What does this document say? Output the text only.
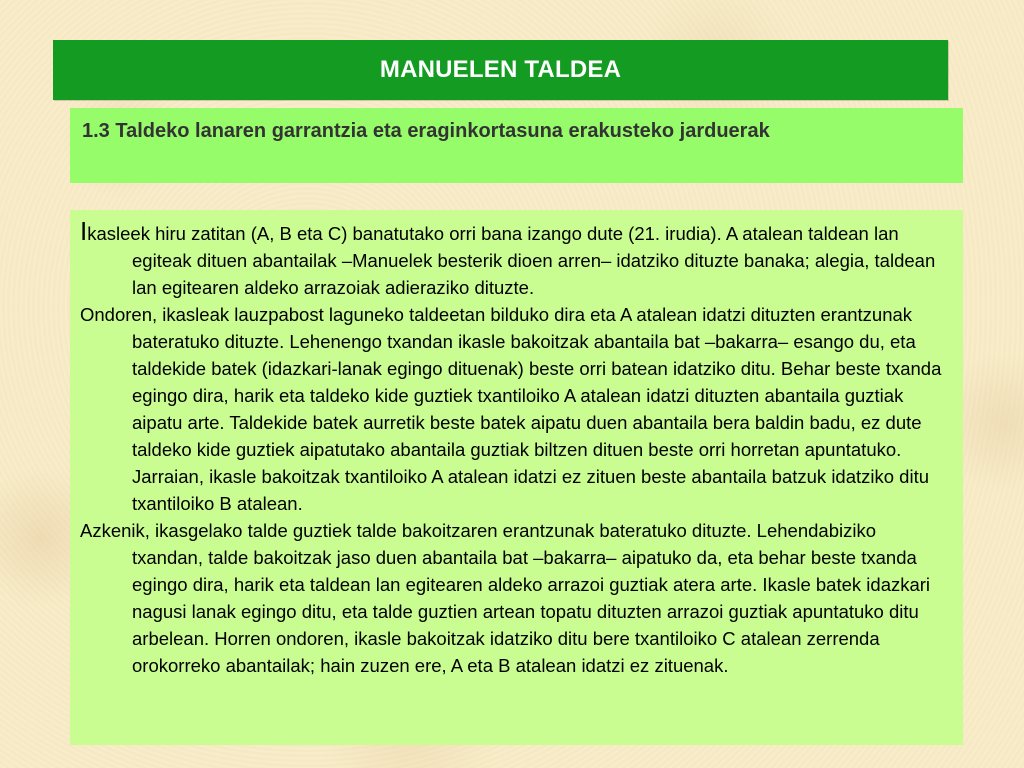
MANUELEN TALDEA

1.3 Taldeko lanaren garrantzia eta eraginkortasuna erakusteko jarduerak

Ikasleek hiru zatitan (A, B eta C) banatutako orri bana izango dute (21. irudia). A atalean taldean lan egiteak dituen abantailak –Manuelek besterik dioen arren– idatziko dituzte banaka; alegia, taldean lan egitearen aldeko arrazoiak adieraziko dituzte.

Ondoren, ikasleak lauzpabost laguneko taldeetan bilduko dira eta A atalean idatzi dituzten erantzunak bateratuko dituzte. Lehenengo txandan ikasle bakoitzak abantaila bat –bakarra– esango du, eta taldekide batek (idazkari-lanak egingo dituenak) beste orri batean idatziko ditu. Behar beste txanda egingo dira, harik eta taldeko kide guztiek txantiloiko A atalean idatzi dituzten abantaila guztiak aipatu arte. Taldekide batek aurretik beste batek aipatu duen abantaila bera baldin badu, ez dute taldeko kide guztiek aipatutako abantaila guztiak biltzen dituen beste orri horretan apuntatuko. Jarraian, ikasle bakoitzak txantiloiko A atalean idatzi ez zituen beste abantaila batzuk idatziko ditu txantiloiko B atalean.

Azkenik, ikasgelako talde guztiek talde bakoitzaren erantzunak bateratuko dituzte. Lehendabiziko txandan, talde bakoitzak jaso duen abantaila bat –bakarra– aipatuko da, eta behar beste txanda egingo dira, harik eta taldean lan egitearen aldeko arrazoi guztiak atera arte. Ikasle batek idazkari nagusi lanak egingo ditu, eta talde guztien artean topatu dituzten arrazoi guztiak apuntatuko ditu arbelean. Horren ondoren, ikasle bakoitzak idatziko ditu bere txantiloiko C atalean zerrenda orokorreko abantailak; hain zuzen ere, A eta B atalean idatzi ez zituenak.
